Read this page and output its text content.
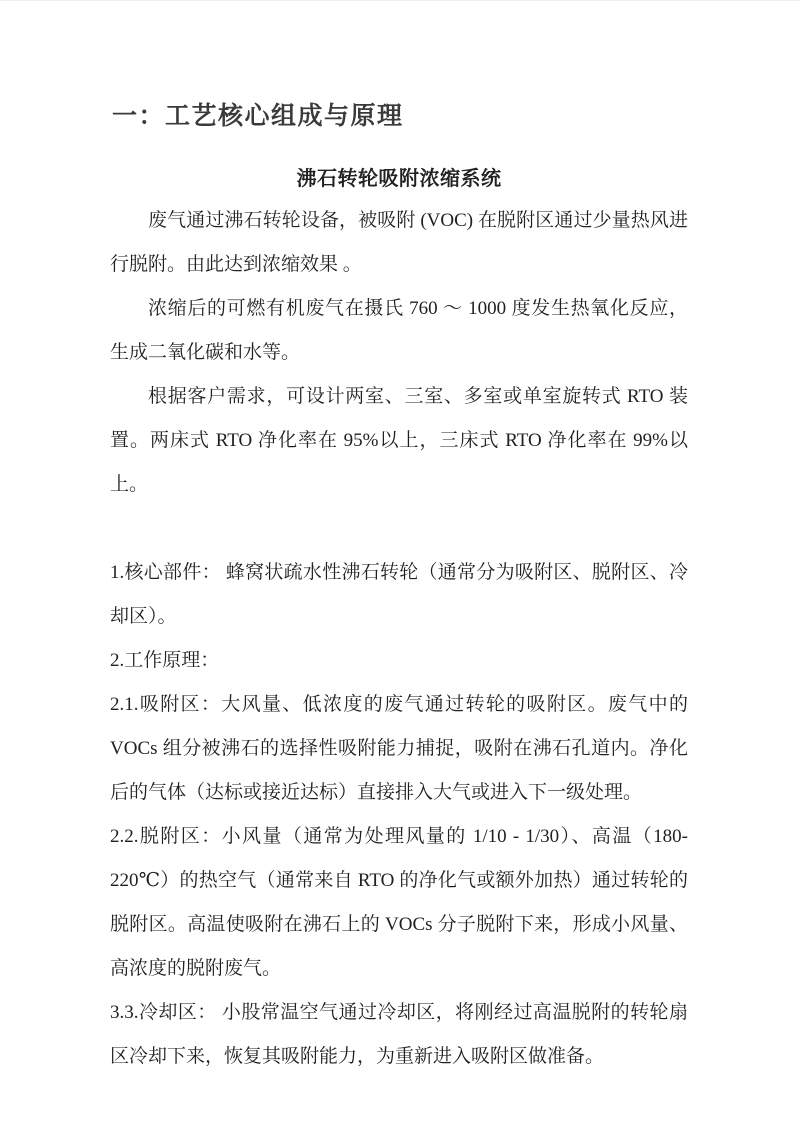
一：工艺核心组成与原理
沸石转轮吸附浓缩系统

废气通过沸石转轮设备，被吸附 (VOC) 在脱附区通过少量热风进行脱附。由此达到浓缩效果 。

浓缩后的可燃有机废气在摄氏 760 ～ 1000 度发生热氧化反应，生成二氧化碳和水等。

根据客户需求，可设计两室、三室、多室或单室旋转式 RTO 装置。两床式 RTO 净化率在 95%以上，三床式 RTO 净化率在 99%以上。

1.核心部件： 蜂窝状疏水性沸石转轮（通常分为吸附区、脱附区、冷却区）。

2.工作原理：

2.1.吸附区：大风量、低浓度的废气通过转轮的吸附区。废气中的 VOCs 组分被沸石的选择性吸附能力捕捉，吸附在沸石孔道内。净化后的气体（达标或接近达标）直接排入大气或进入下一级处理。

2.2.脱附区：小风量（通常为处理风量的 1/10 - 1/30）、高温（180-220℃）的热空气（通常来自 RTO 的净化气或额外加热）通过转轮的脱附区。高温使吸附在沸石上的 VOCs 分子脱附下来，形成小风量、高浓度的脱附废气。

3.3.冷却区： 小股常温空气通过冷却区，将刚经过高温脱附的转轮扇区冷却下来，恢复其吸附能力，为重新进入吸附区做准备。
